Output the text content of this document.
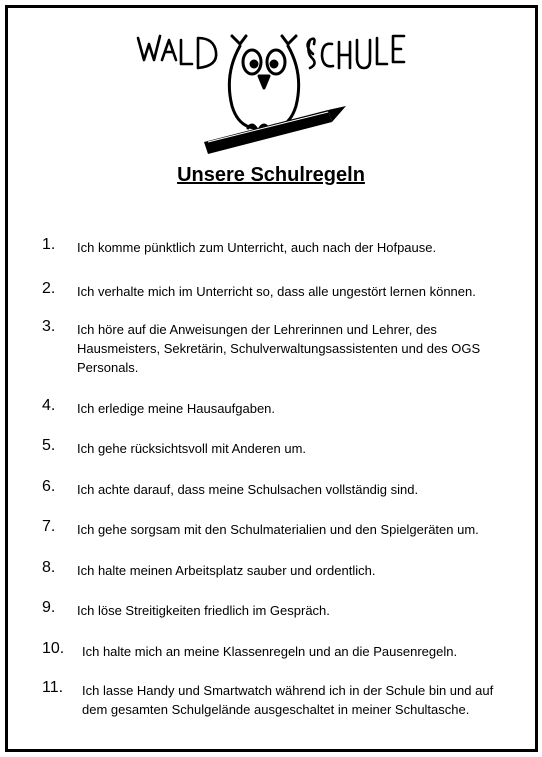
Unsere Schulregeln
1. Ich komme pünktlich zum Unterricht, auch nach der Hofpause.
2. Ich verhalte mich im Unterricht so, dass alle ungestört lernen können.
3. Ich höre auf die Anweisungen der Lehrerinnen und Lehrer, des Hausmeisters, Sekretärin, Schulverwaltungsassistenten und des OGS Personals.
4. Ich erledige meine Hausaufgaben.
5. Ich gehe rücksichtsvoll mit Anderen um.
6. Ich achte darauf, dass meine Schulsachen vollständig sind.
7. Ich gehe sorgsam mit den Schulmaterialien und den Spielgeräten um.
8. Ich halte meinen Arbeitsplatz sauber und ordentlich.
9. Ich löse Streitigkeiten friedlich im Gespräch.
10. Ich halte mich an meine Klassenregeln und an die Pausenregeln.
11. Ich lasse Handy und Smartwatch während ich in der Schule bin und auf dem gesamten Schulgelände ausgeschaltet in meiner Schultasche.
